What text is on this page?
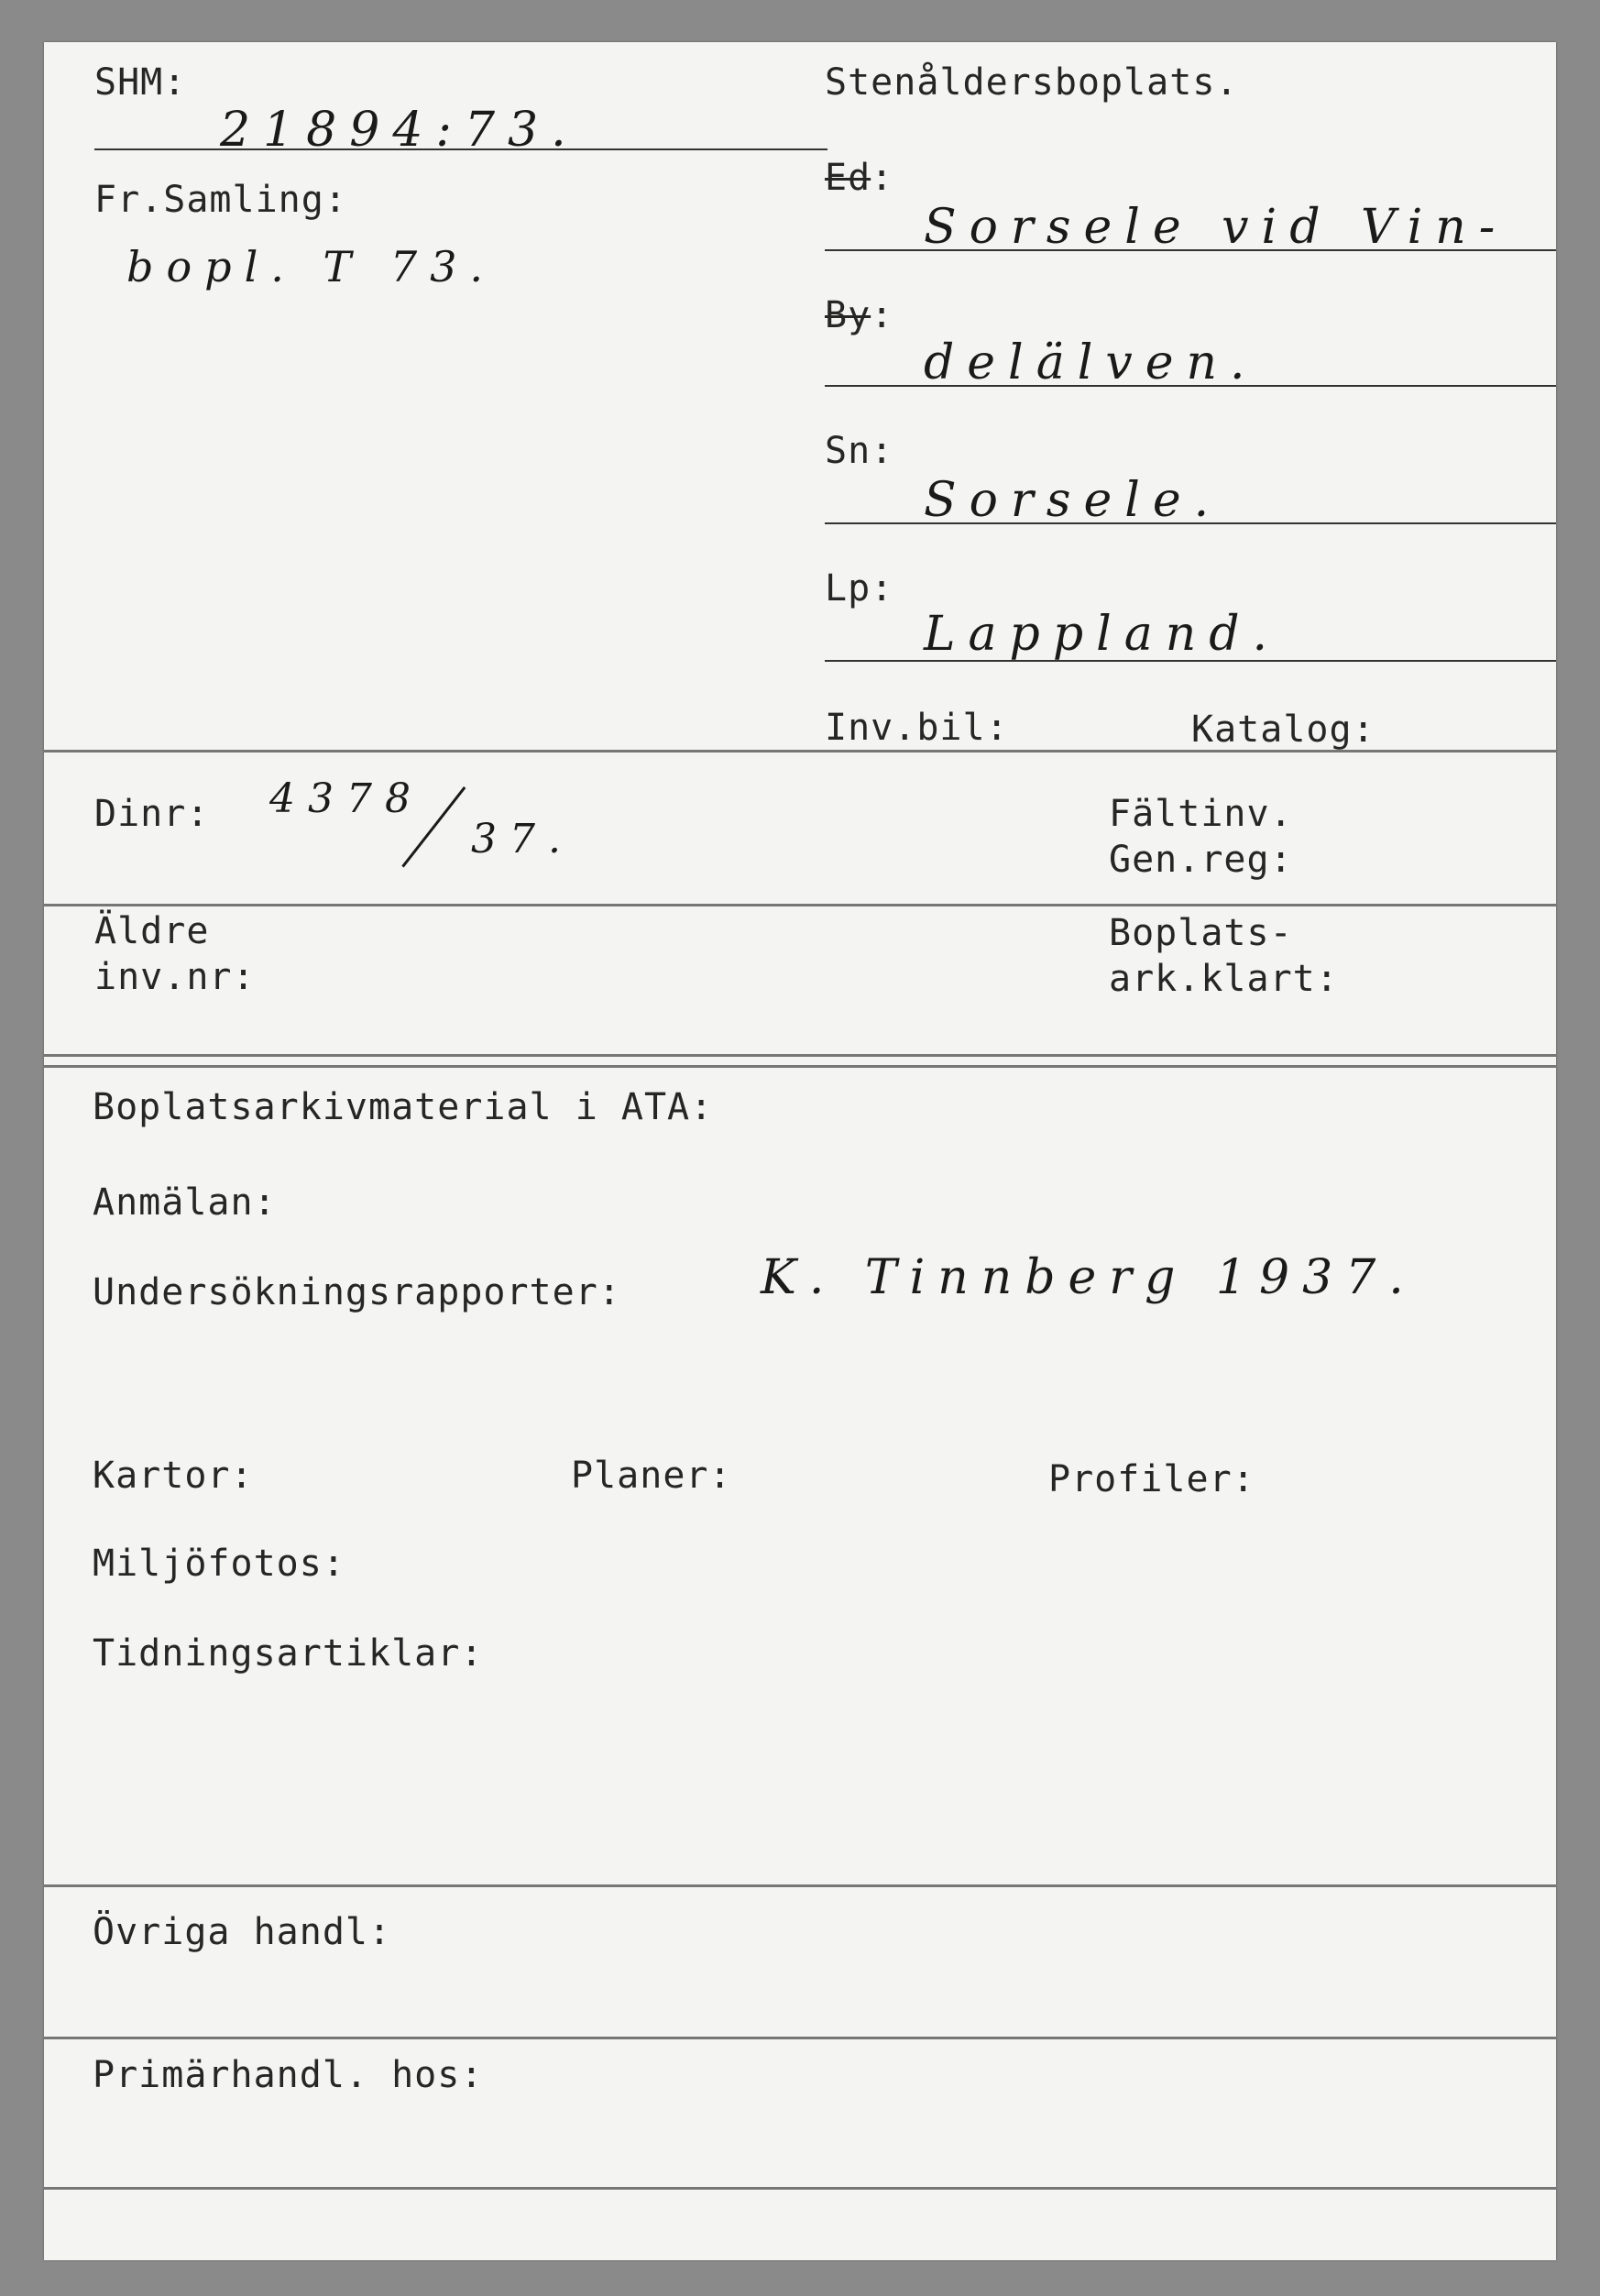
SHM:
21894:73.
Stenåldersboplats.
Fr.Samling:
bopl. T 73.
Ed:
Sorsele vid Vin-
By:
delälven.
Sn:
Sorsele.
Lp:
Lappland.
Inv.bil:	Katalog:
Dinr: 4378
37.
Fältinv.
Gen.reg:
Äldre
inv.nr:
Boplats-
ark.klart:
Boplatsarkivmaterial i ATA:
Anmälan:
Undersökningsrapporter:	K. Tinnberg 1937.
Kartor:	Planer:	Profiler:
Miljöfotos:
Tidningsartiklar:
Övriga handl:
Primärhandl. hos:
